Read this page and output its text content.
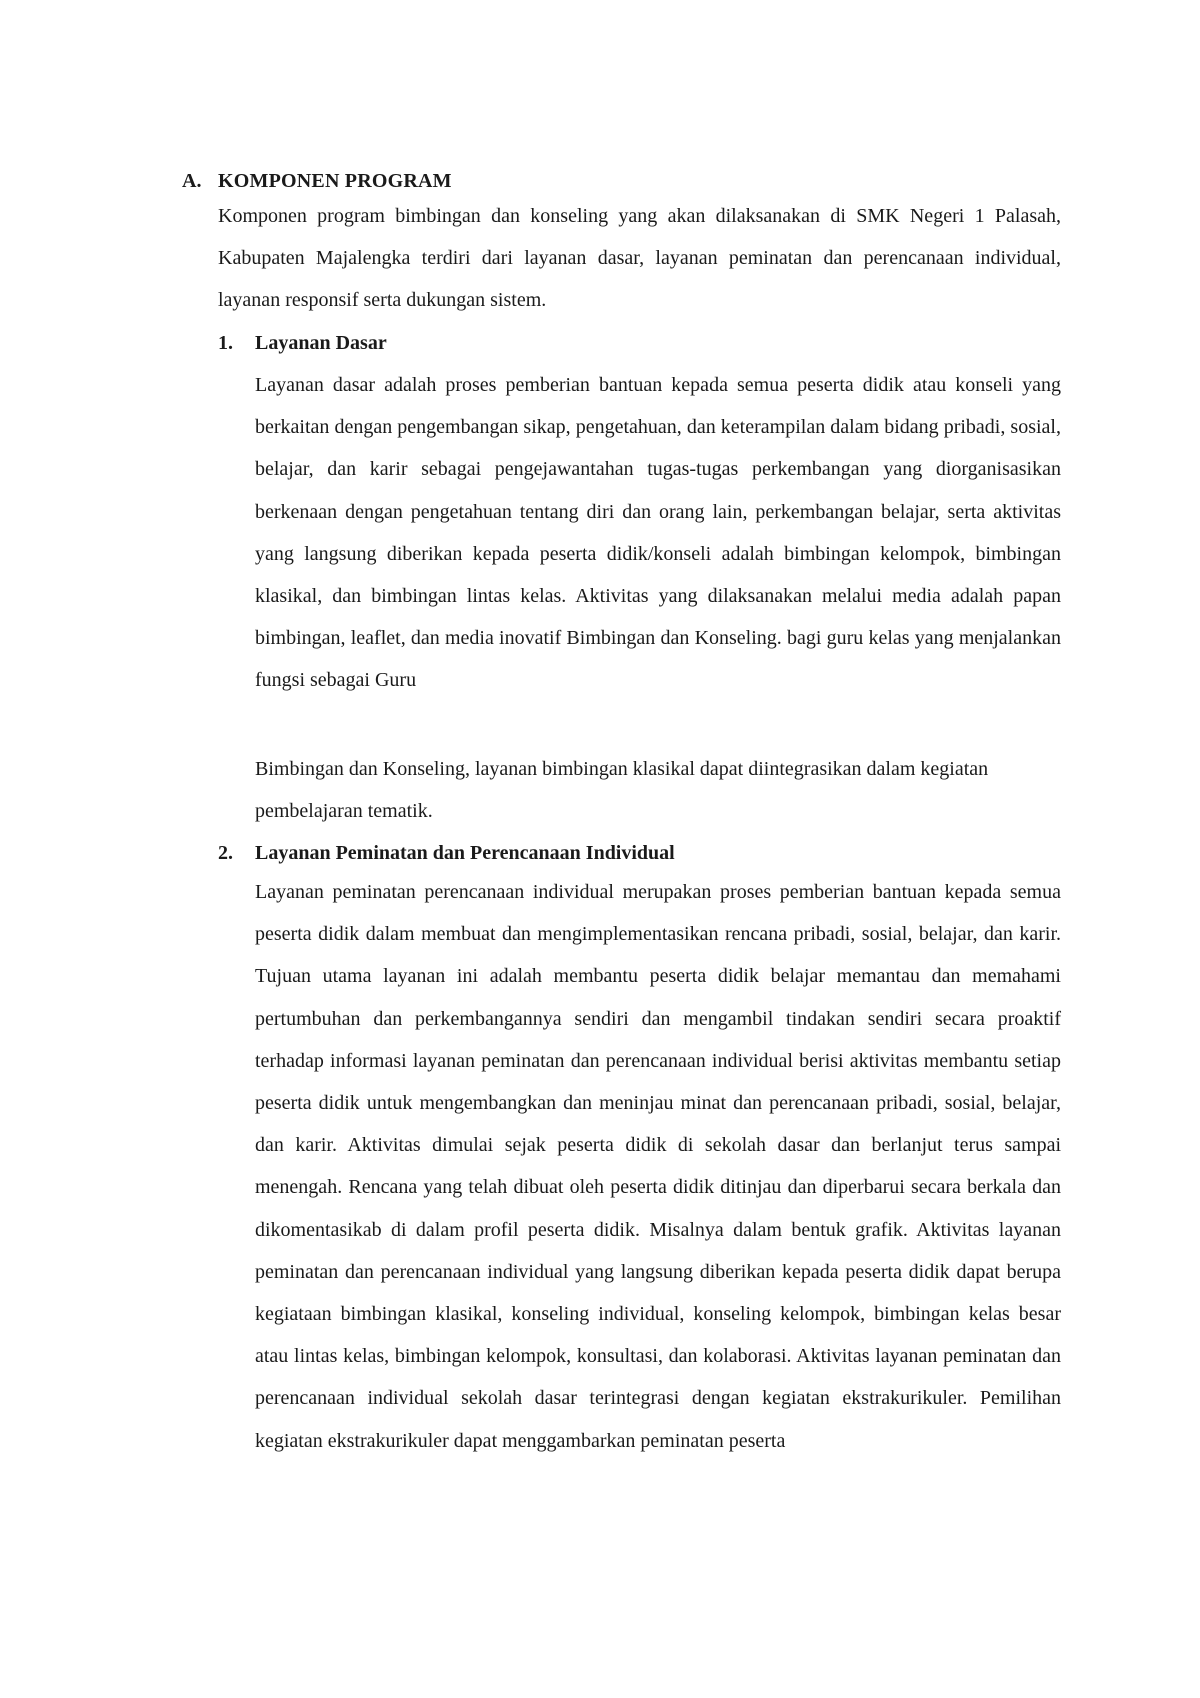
A. KOMPONEN PROGRAM

Komponen program bimbingan dan konseling yang akan dilaksanakan di SMK Negeri 1 Palasah, Kabupaten Majalengka terdiri dari layanan dasar, layanan peminatan dan perencanaan individual, layanan responsif serta dukungan sistem.

1.	Layanan Dasar

Layanan dasar adalah proses pemberian bantuan kepada semua peserta didik atau konseli yang berkaitan dengan pengembangan sikap, pengetahuan, dan keterampilan dalam bidang pribadi, sosial, belajar, dan karir sebagai pengejawantahan tugas-tugas perkembangan yang diorganisasikan berkenaan dengan pengetahuan tentang diri dan orang lain, perkembangan belajar, serta aktivitas yang langsung diberikan kepada peserta didik/konseli adalah bimbingan kelompok, bimbingan klasikal, dan bimbingan lintas kelas. Aktivitas yang dilaksanakan melalui media adalah papan bimbingan, leaflet, dan media inovatif Bimbingan dan Konseling. bagi guru kelas yang menjalankan fungsi sebagai Guru

Bimbingan dan Konseling, layanan bimbingan klasikal dapat diintegrasikan dalam kegiatan pembelajaran tematik.

2.	Layanan Peminatan dan Perencanaan Individual

Layanan peminatan perencanaan individual merupakan proses pemberian bantuan kepada semua peserta didik dalam membuat dan mengimplementasikan rencana pribadi, sosial, belajar, dan karir. Tujuan utama layanan ini adalah membantu peserta didik belajar memantau dan memahami pertumbuhan dan perkembangannya sendiri dan mengambil tindakan sendiri secara proaktif terhadap informasi layanan peminatan dan perencanaan individual berisi aktivitas membantu setiap peserta didik untuk mengembangkan dan meninjau minat dan perencanaan pribadi, sosial, belajar, dan karir. Aktivitas dimulai sejak peserta didik di sekolah dasar dan berlanjut terus sampai menengah. Rencana yang telah dibuat oleh peserta didik ditinjau dan diperbarui secara berkala dan dikomentasikab di dalam profil peserta didik. Misalnya dalam bentuk grafik. Aktivitas layanan peminatan dan perencanaan individual yang langsung diberikan kepada peserta didik dapat berupa kegiataan bimbingan klasikal, konseling individual, konseling kelompok, bimbingan kelas besar atau lintas kelas, bimbingan kelompok, konsultasi, dan kolaborasi. Aktivitas layanan peminatan dan perencanaan individual sekolah dasar terintegrasi dengan kegiatan ekstrakurikuler. Pemilihan kegiatan ekstrakurikuler dapat menggambarkan peminatan peserta
